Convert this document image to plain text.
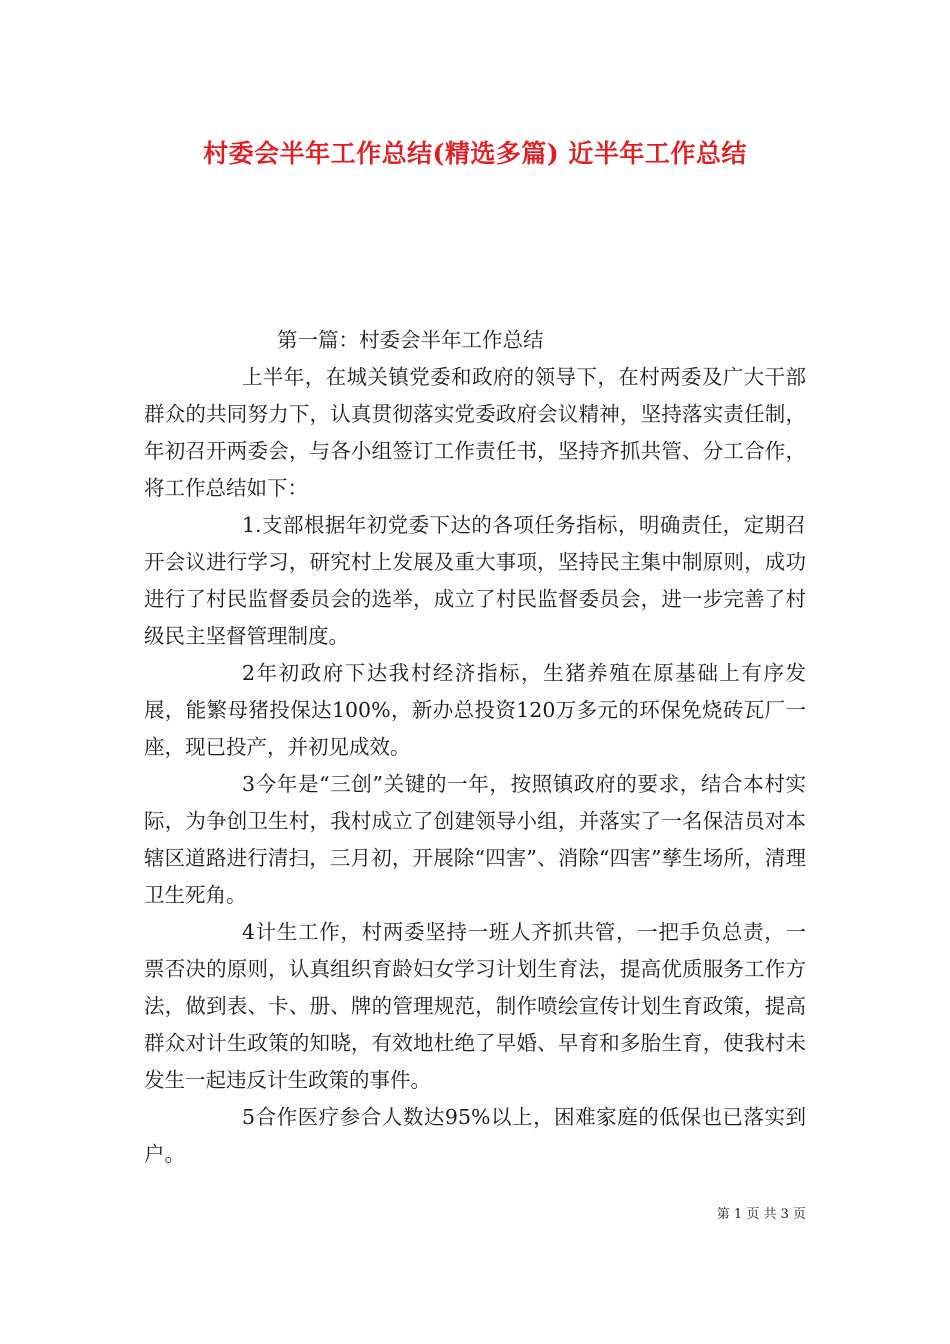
村委会半年工作总结(精选多篇) 近半年工作总结

第一篇：村委会半年工作总结

上半年，在城关镇党委和政府的领导下，在村两委及广大干部群众的共同努力下，认真贯彻落实党委政府会议精神，坚持落实责任制，年初召开两委会，与各小组签订工作责任书，坚持齐抓共管、分工合作，将工作总结如下：

1.支部根据年初党委下达的各项任务指标，明确责任，定期召开会议进行学习，研究村上发展及重大事项，坚持民主集中制原则，成功进行了村民监督委员会的选举，成立了村民监督委员会，进一步完善了村级民主坚督管理制度。

2年初政府下达我村经济指标，生猪养殖在原基础上有序发展，能繁母猪投保达100%，新办总投资120万多元的环保免烧砖瓦厂一座，现已投产，并初见成效。

3今年是“三创”关键的一年，按照镇政府的要求，结合本村实际，为争创卫生村，我村成立了创建领导小组，并落实了一名保洁员对本辖区道路进行清扫，三月初，开展除“四害”、消除“四害”孳生场所，清理卫生死角。

4计生工作，村两委坚持一班人齐抓共管，一把手负总责，一票否决的原则，认真组织育龄妇女学习计划生育法，提高优质服务工作方法，做到表、卡、册、牌的管理规范，制作喷绘宣传计划生育政策，提高群众对计生政策的知晓，有效地杜绝了早婚、早育和多胎生育，使我村未发生一起违反计生政策的事件。

5合作医疗参合人数达95%以上，困难家庭的低保也已落实到户。

第 1 页 共 3 页
